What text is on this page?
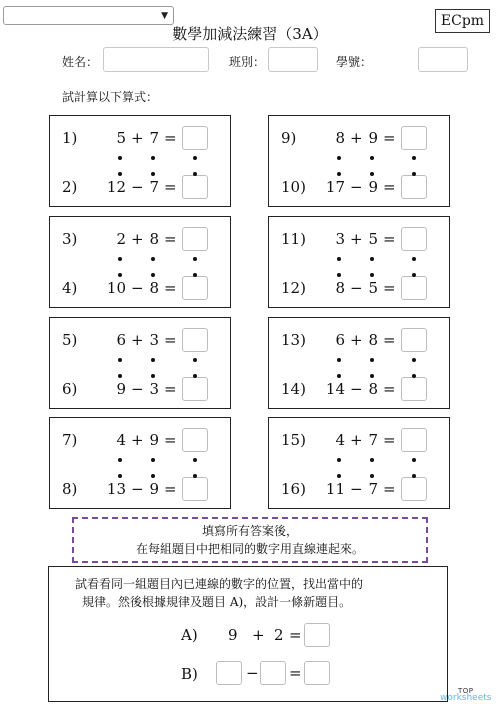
▼
數學加減法練習（3A）
ECpm
姓名：	班別：	學號：
試計算以下算式：
1)	5 + 7 =
2)	12 − 7 =
3)	2 + 8 =
4)	10 − 8 =
5)	6 + 3 =
6)	9 − 3 =
7)	4 + 9 =
8)	13 − 9 =
9)	8 + 9 =
10)	17 − 9 =
11)	3 + 5 =
12)	8 − 5 =
13)	6 + 8 =
14)	14 − 8 =
15)	4 + 7 =
16)	11 − 7 =
填寫所有答案後，
在每組題目中把相同的數字用直線連起來。
試看看同一組題目內已連線的數字的位置，找出當中的
規律。然後根據規律及題目 A)，設計一條新題目。
A) 9 + 2 =
B)	− =
TOP
worksheets
